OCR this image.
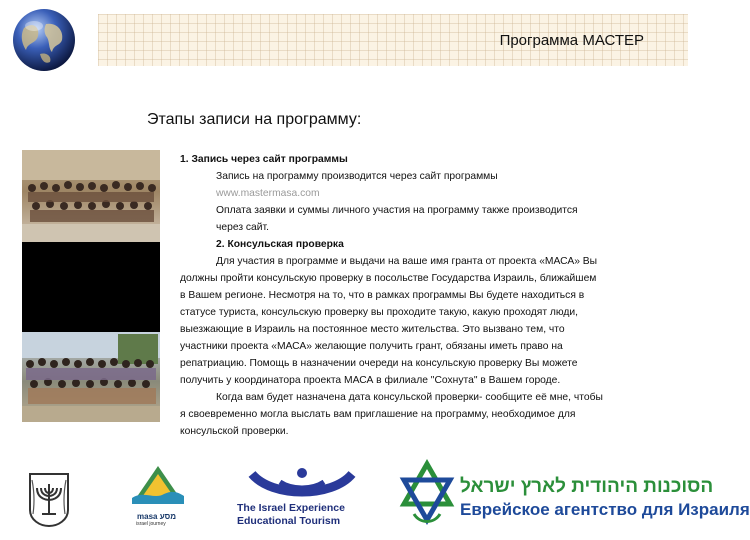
Программа МАСТЕР
Этапы записи на программу:

1. Запись через сайт программы

Запись на программу производится через сайт программы

www.mastermasa.com

Оплата заявки и суммы личного участия на программу также производится

через сайт.

2. Консульская проверка

Для участия в программе и выдачи на ваше имя гранта от проекта «МАСА» Вы

должны пройти консульскую проверку в посольстве Государства Израиль, ближайшем

в Вашем регионе. Несмотря на то, что в рамках программы Вы будете находиться в

статусе туриста, консульскую проверку вы проходите такую, какую проходят люди,

выезжающие в Израиль на постоянное место жительства. Это вызвано тем, что

участники проекта «МАСА» желающие получить грант, обязаны иметь право на

репатриацию. Помощь в назначении очереди на консульскую проверку Вы можете

получить у координатора проекта МАСА в филиале "Сохнута" в Вашем городе.

Когда вам будет назначена дата консульской проверки- сообщите её мне, чтобы

я своевременно могла выслать вам приглашение на программу, необходимое для

консульской проверки.

masa מסע
israel journey
The Israel Experience
Educational Tourism
הסוכנות היהודית לארץ ישראל
Еврейское агентство для Израиля
